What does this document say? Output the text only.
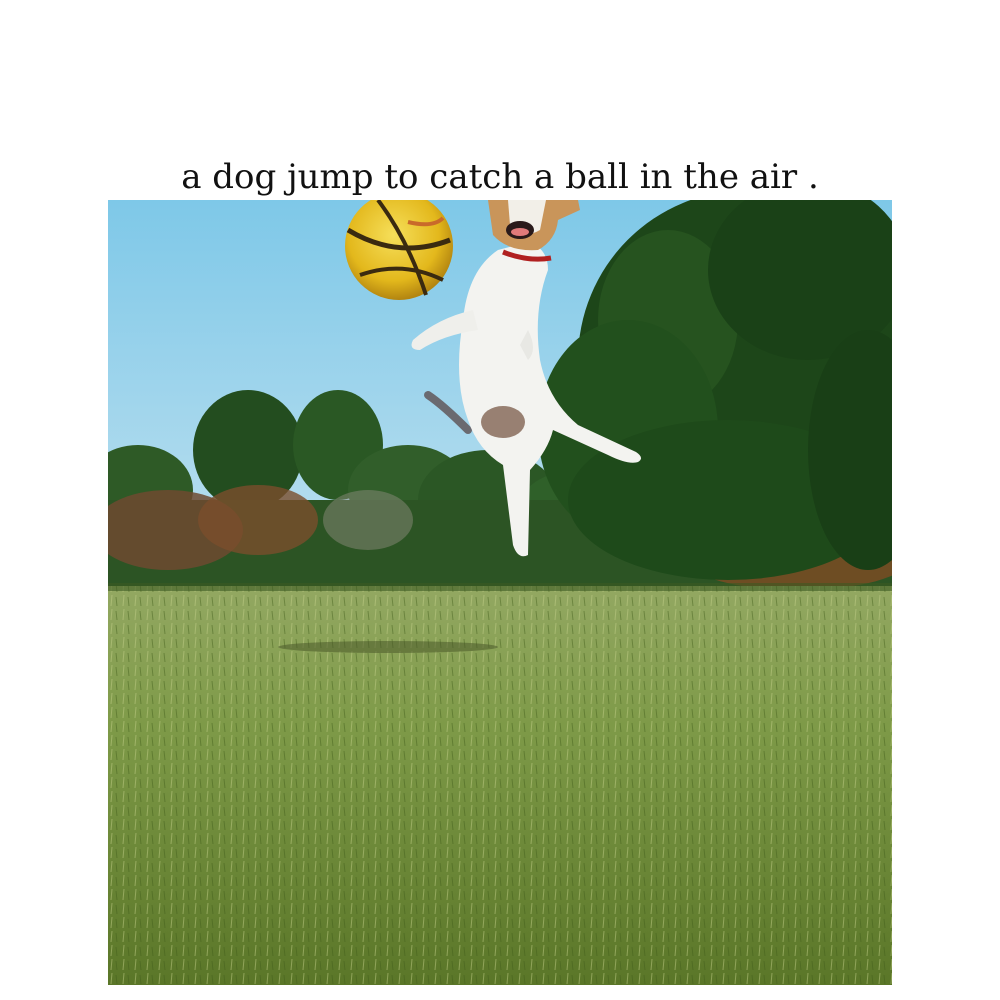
a dog jump to catch a ball in the air .
